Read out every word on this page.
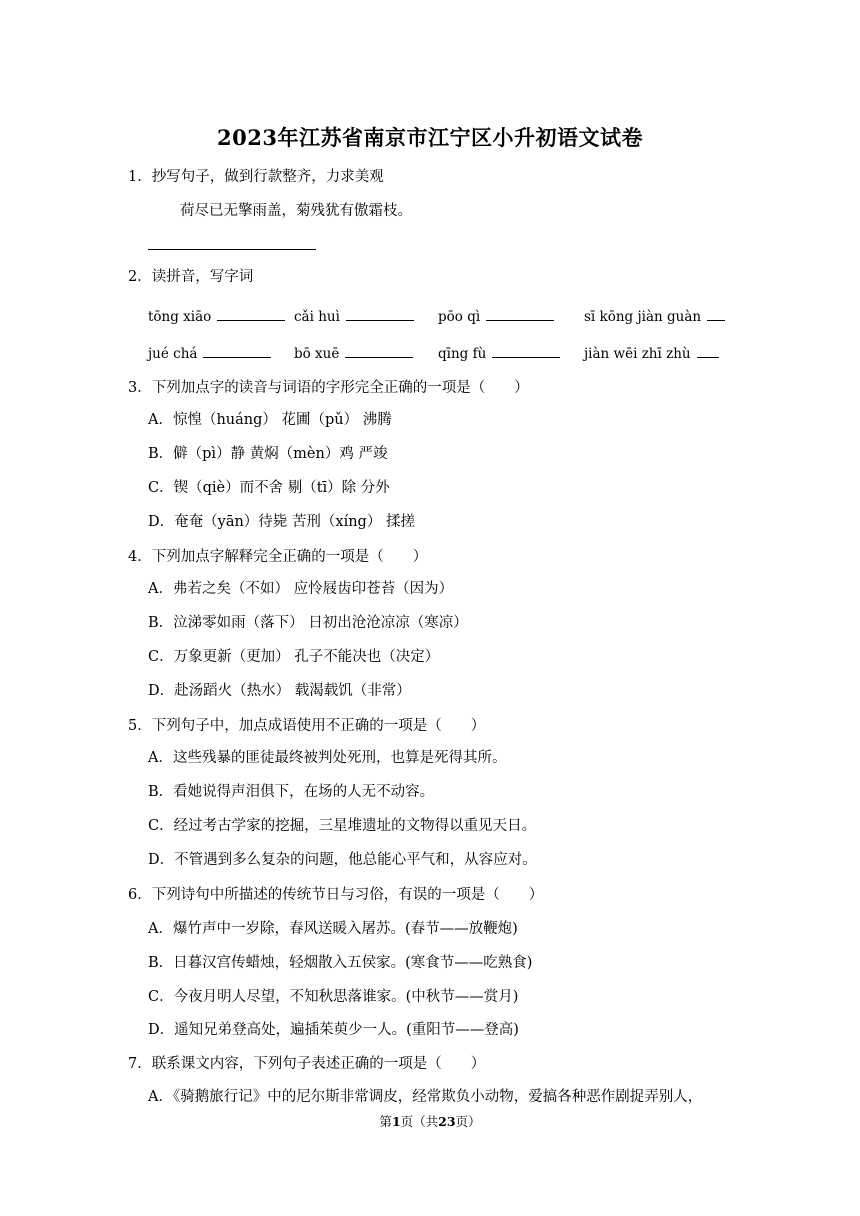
2023年江苏省南京市江宁区小升初语文试卷
1．抄写句子，做到行款整齐，力求美观
荷尽已无擎雨盖，菊残犹有傲霜枝。
2．读拼音，写字词
tōng xiāo	cǎi huì	pōo qì	sī kōng jiàn guàn
jué chá	bō xuē	qīng fù	jiàn wēi zhī zhù
3．下列加点字的读音与词语的字形完全正确的一项是（　　）
A．惊惶（huáng） 花圃（pǔ） 沸腾
B．僻（pì）静 黄焖（mèn）鸡 严竣
C．锲（qiè）而不舍 剔（tī）除 分外
D．奄奄（yān）待毙 苦刑（xíng） 揉搓
4．下列加点字解释完全正确的一项是（　　）
A．弗若之矣（不如） 应怜屐齿印苍苔（因为）
B．泣涕零如雨（落下） 日初出沧沧凉凉（寒凉）
C．万象更新（更加） 孔子不能决也（决定）
D．赴汤蹈火（热水） 载渴载饥（非常）
5．下列句子中，加点成语使用不正确的一项是（　　）
A．这些残暴的匪徒最终被判处死刑，也算是死得其所。
B．看她说得声泪俱下，在场的人无不动容。
C．经过考古学家的挖掘，三星堆遗址的文物得以重见天日。
D．不管遇到多么复杂的问题，他总能心平气和，从容应对。
6．下列诗句中所描述的传统节日与习俗，有误的一项是（　　）
A．爆竹声中一岁除，春风送暖入屠苏。(春节——放鞭炮)
B．日暮汉宫传蜡烛，轻烟散入五侯家。(寒食节——吃熟食)
C．今夜月明人尽望，不知秋思落谁家。(中秋节——赏月)
D．遥知兄弟登高处，遍插茱萸少一人。(重阳节——登高)
7．联系课文内容，下列句子表述正确的一项是（　　）
A．《骑鹅旅行记》中的尼尔斯非常调皮，经常欺负小动物，爱搞各种恶作剧捉弄别人，
第1页（共23页）
